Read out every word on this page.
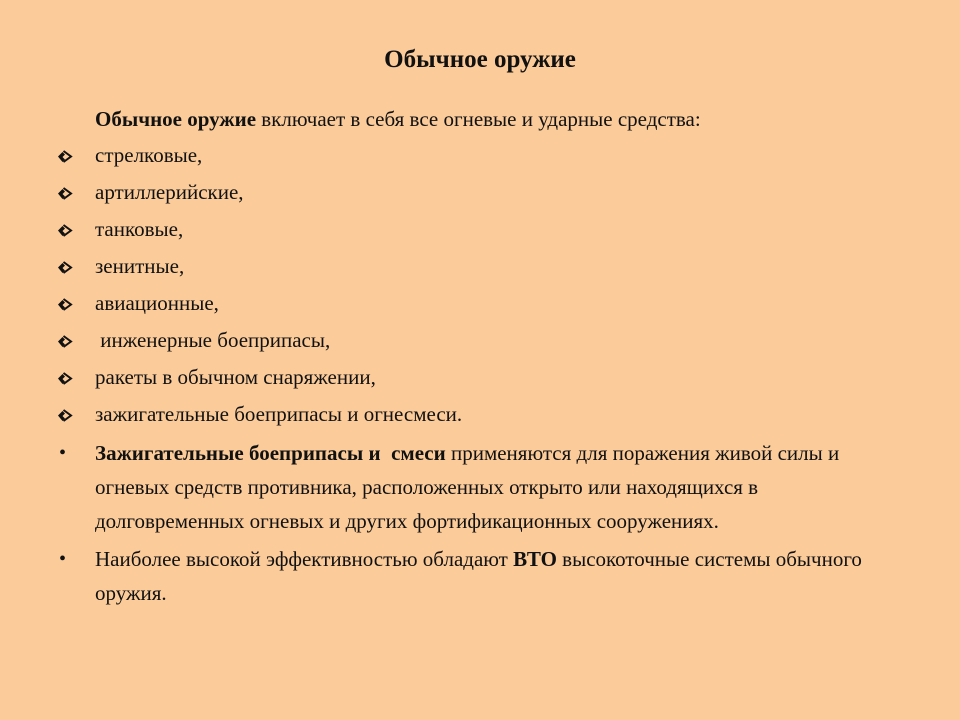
Обычное оружие
Обычное оружие включает в себя все огневые и ударные средства:
стрелковые,
артиллерийские,
танковые,
зенитные,
авиационные,
инженерные боеприпасы,
ракеты в обычном снаряжении,
зажигательные боеприпасы и огнесмеси.
• Зажигательные боеприпасы и  смеси применяются для поражения живой силы и огневых средств противника, расположенных открыто или находящихся в долговременных огневых и других фортификационных сооружениях.
• Наиболее высокой эффективностью обладают ВТО высокоточные системы обычного оружия.
